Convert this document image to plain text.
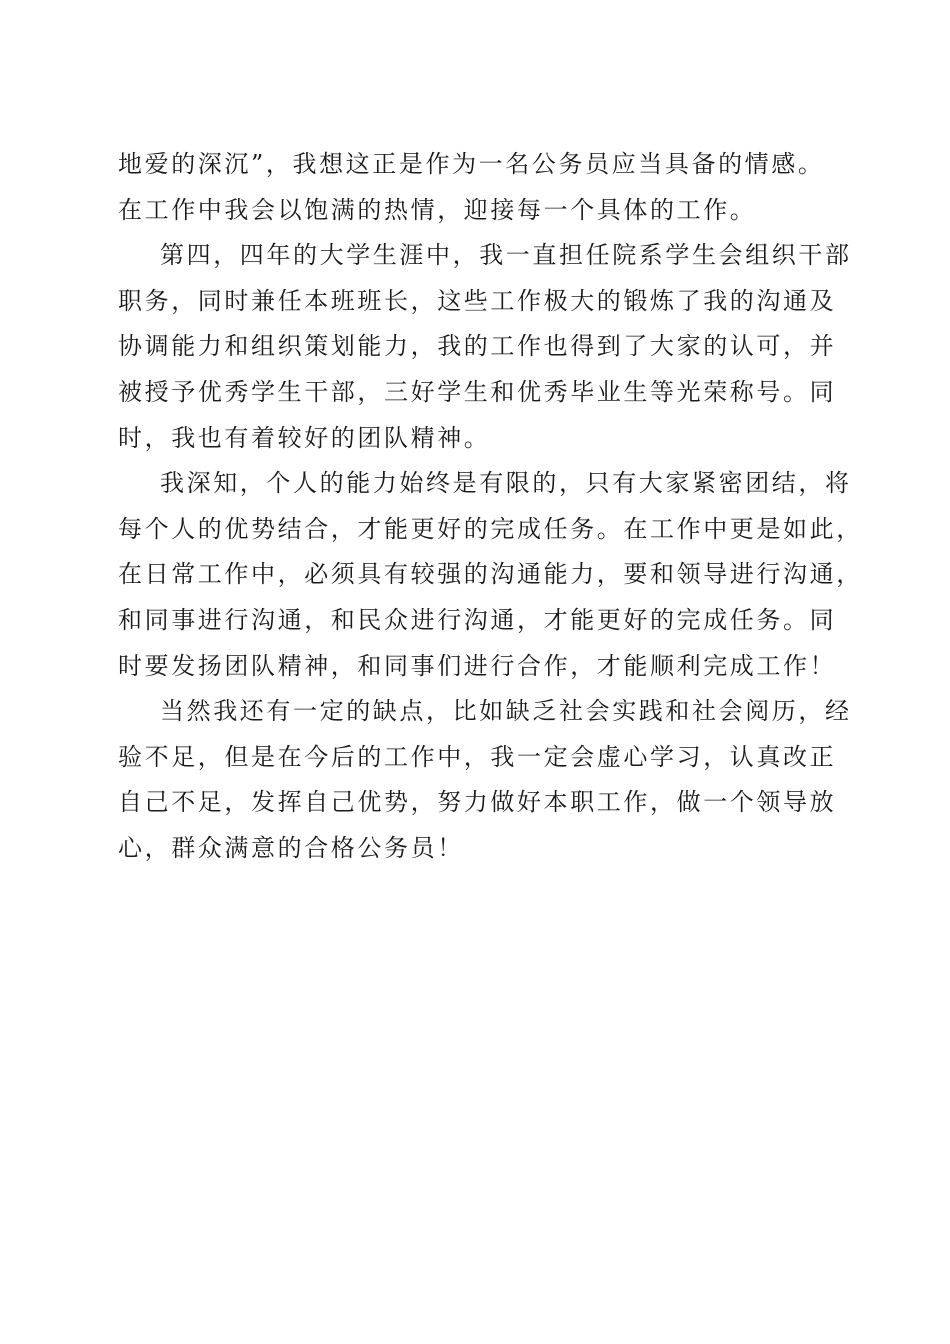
地爱的深沉”，我想这正是作为一名公务员应当具备的情感。
在工作中我会以饱满的热情，迎接每一个具体的工作。
第四，四年的大学生涯中，我一直担任院系学生会组织干部
职务，同时兼任本班班长，这些工作极大的锻炼了我的沟通及
协调能力和组织策划能力，我的工作也得到了大家的认可，并
被授予优秀学生干部，三好学生和优秀毕业生等光荣称号。同
时，我也有着较好的团队精神。
我深知，个人的能力始终是有限的，只有大家紧密团结，将
每个人的优势结合，才能更好的完成任务。在工作中更是如此，
在日常工作中，必须具有较强的沟通能力，要和领导进行沟通，
和同事进行沟通，和民众进行沟通，才能更好的完成任务。同
时要发扬团队精神，和同事们进行合作，才能顺利完成工作！
当然我还有一定的缺点，比如缺乏社会实践和社会阅历，经
验不足，但是在今后的工作中，我一定会虚心学习，认真改正
自己不足，发挥自己优势，努力做好本职工作，做一个领导放
心，群众满意的合格公务员！
